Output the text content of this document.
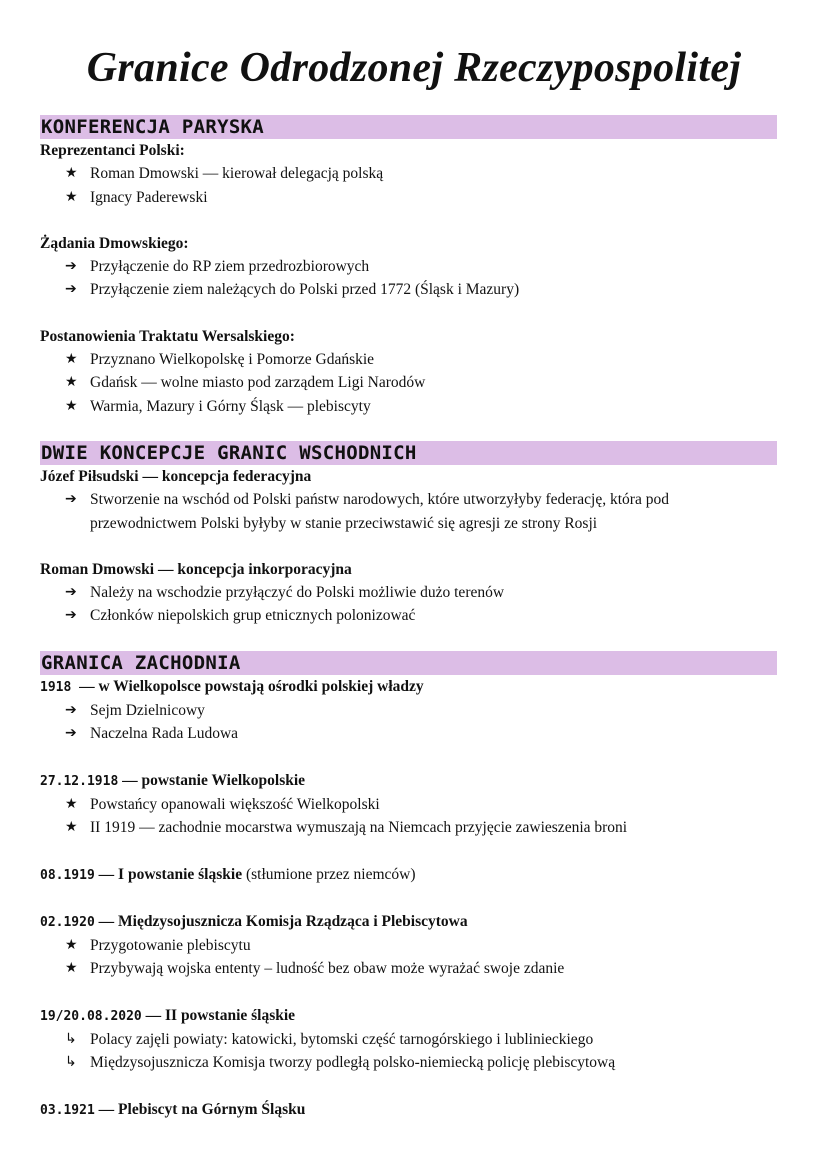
Granice Odrodzonej Rzeczypospolitej
KONFERENCJA PARYSKA
Reprezentanci Polski:
★ Roman Dmowski — kierował delegacją polską
★ Ignacy Paderewski
Żądania Dmowskiego:
➔ Przyłączenie do RP ziem przedrozbiorowych
➔ Przyłączenie ziem należących do Polski przed 1772 (Śląsk i Mazury)
Postanowienia Traktatu Wersalskiego:
★ Przyznano Wielkopolskę i Pomorze Gdańskie
★ Gdańsk — wolne miasto pod zarządem Ligi Narodów
★ Warmia, Mazury i Górny Śląsk — plebiscyty
DWIE KONCEPCJE GRANIC WSCHODNICH
Józef Piłsudski — koncepcja federacyjna
➔ Stworzenie na wschód od Polski państw narodowych, które utworzyłyby federację, która pod przewodnictwem Polski byłyby w stanie przeciwstawić się agresji ze strony Rosji
Roman Dmowski — koncepcja inkorporacyjna
➔ Należy na wschodzie przyłączyć do Polski możliwie dużo terenów
➔ Członków niepolskich grup etnicznych polonizować
GRANICA ZACHODNIA
1918 — w Wielkopolsce powstają ośrodki polskiej władzy
➔ Sejm Dzielnicowy
➔ Naczelna Rada Ludowa
27.12.1918 — powstanie Wielkopolskie
★ Powstańcy opanowali większość Wielkopolski
★ II 1919 — zachodnie mocarstwa wymuszają na Niemcach przyjęcie zawieszenia broni
08.1919 — I powstanie śląskie (stłumione przez niemców)
02.1920 — Międzysojusznicza Komisja Rządząca i Plebiscytowa
★ Przygotowanie plebiscytu
★ Przybywają wojska ententy – ludność bez obaw może wyrażać swoje zdanie
19/20.08.2020 — II powstanie śląskie
↳ Polacy zajęli powiaty: katowicki, bytomski część tarnogórskiego i lublinieckiego
↳ Międzysojusznicza Komisja tworzy podległą polsko-niemiecką policję plebiscytową
03.1921 — Plebiscyt na Górnym Śląsku
